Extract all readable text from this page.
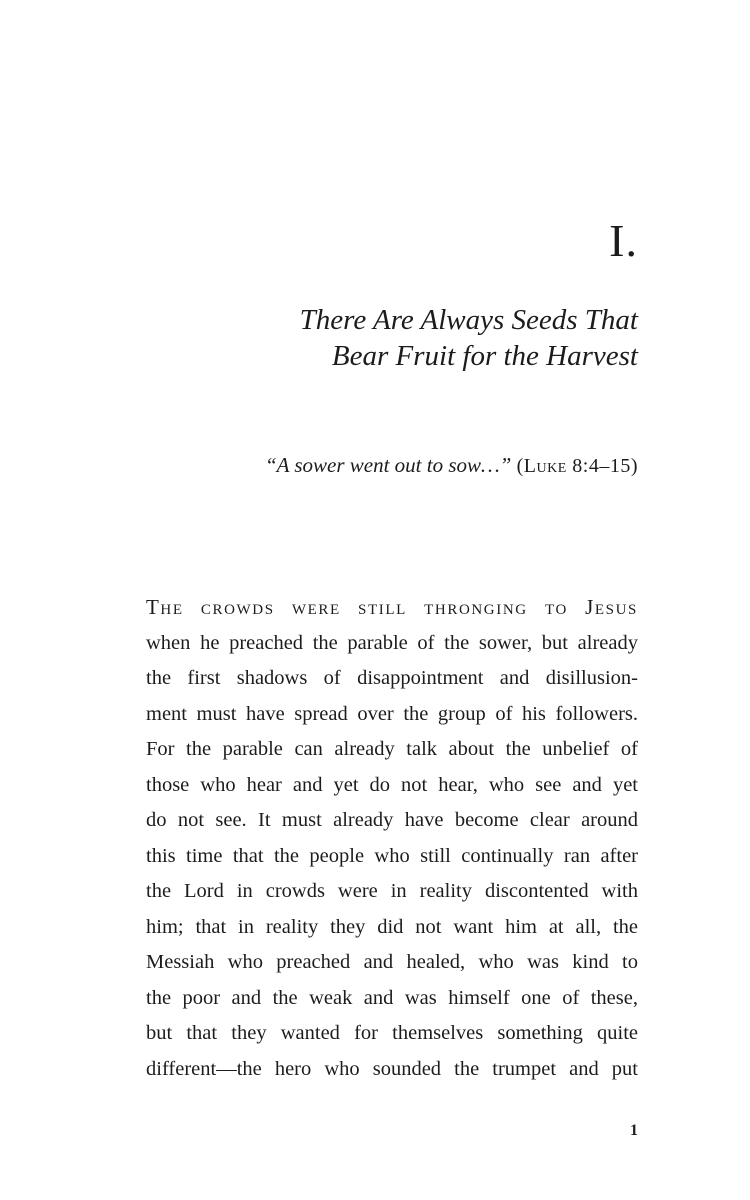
I.
There Are Always Seeds That
Bear Fruit for the Harvest
“A sower went out to sow…” (Luke 8:4–15)
The crowds were still thronging to Jesus
when he preached the parable of the sower, but already
the first shadows of disappointment and disillusion-
ment must have spread over the group of his followers.
For the parable can already talk about the unbelief of
those who hear and yet do not hear, who see and yet
do not see. It must already have become clear around
this time that the people who still continually ran after
the Lord in crowds were in reality discontented with
him; that in reality they did not want him at all, the
Messiah who preached and healed, who was kind to
the poor and the weak and was himself one of these,
but that they wanted for themselves something quite
different—the hero who sounded the trumpet and put
1
